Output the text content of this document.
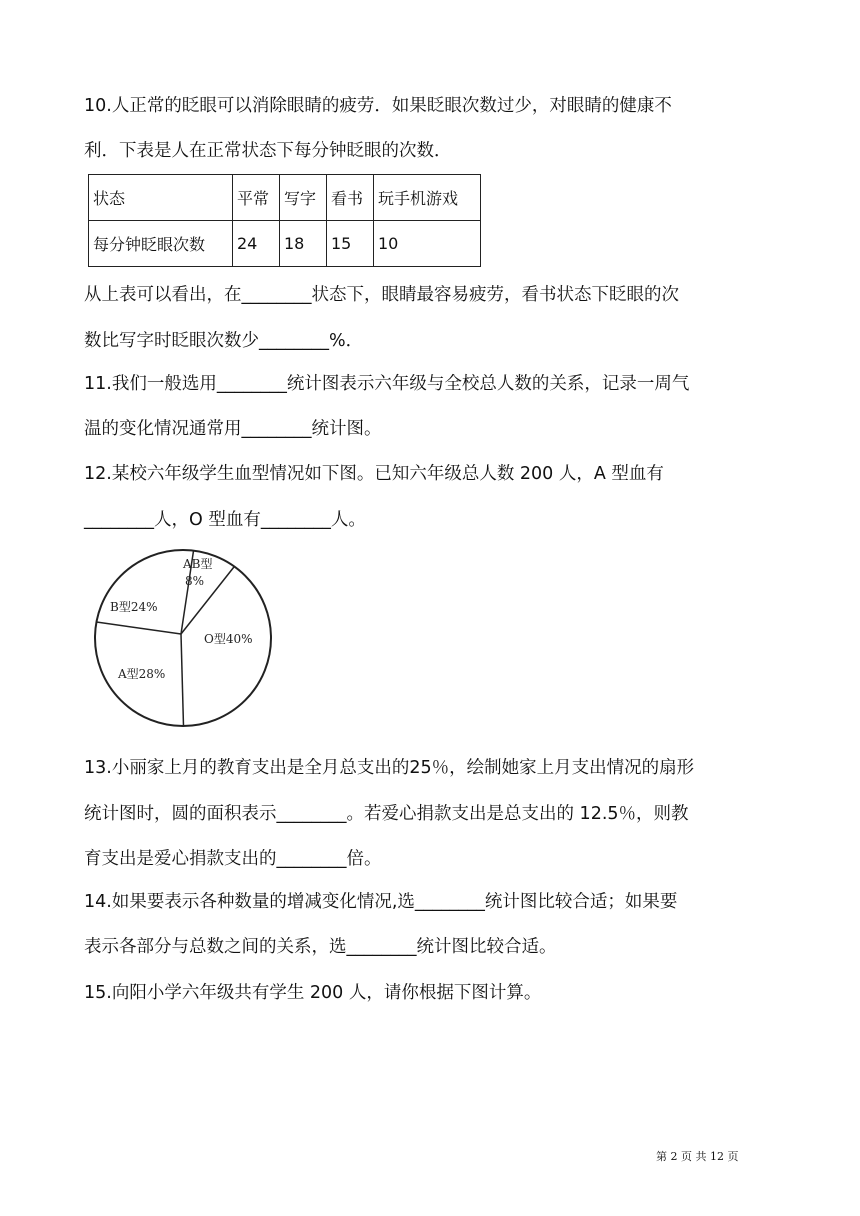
10.人正常的眨眼可以消除眼睛的疲劳．如果眨眼次数过少，对眼睛的健康不
利．下表是人在正常状态下每分钟眨眼的次数．
状态	平常	写字	看书	玩手机游戏
每分钟眨眼次数	24	18	15	10
从上表可以看出，在________状态下，眼睛最容易疲劳，看书状态下眨眼的次
数比写字时眨眼次数少________%．
11.我们一般选用________统计图表示六年级与全校总人数的关系，记录一周气
温的变化情况通常用________统计图。
12.某校六年级学生血型情况如下图。已知六年级总人数 200 人，A 型血有
________人，O 型血有________人。
AB型
8%
O型40%
A型28%
B型24%
13.小丽家上月的教育支出是全月总支出的25％，绘制她家上月支出情况的扇形
统计图时，圆的面积表示________。若爱心捐款支出是总支出的 12.5％，则教
育支出是爱心捐款支出的________倍。
14.如果要表示各种数量的增减变化情况,选________统计图比较合适；如果要
表示各部分与总数之间的关系，选________统计图比较合适。
15.向阳小学六年级共有学生 200 人，请你根据下图计算。
第 2 页 共 12 页
